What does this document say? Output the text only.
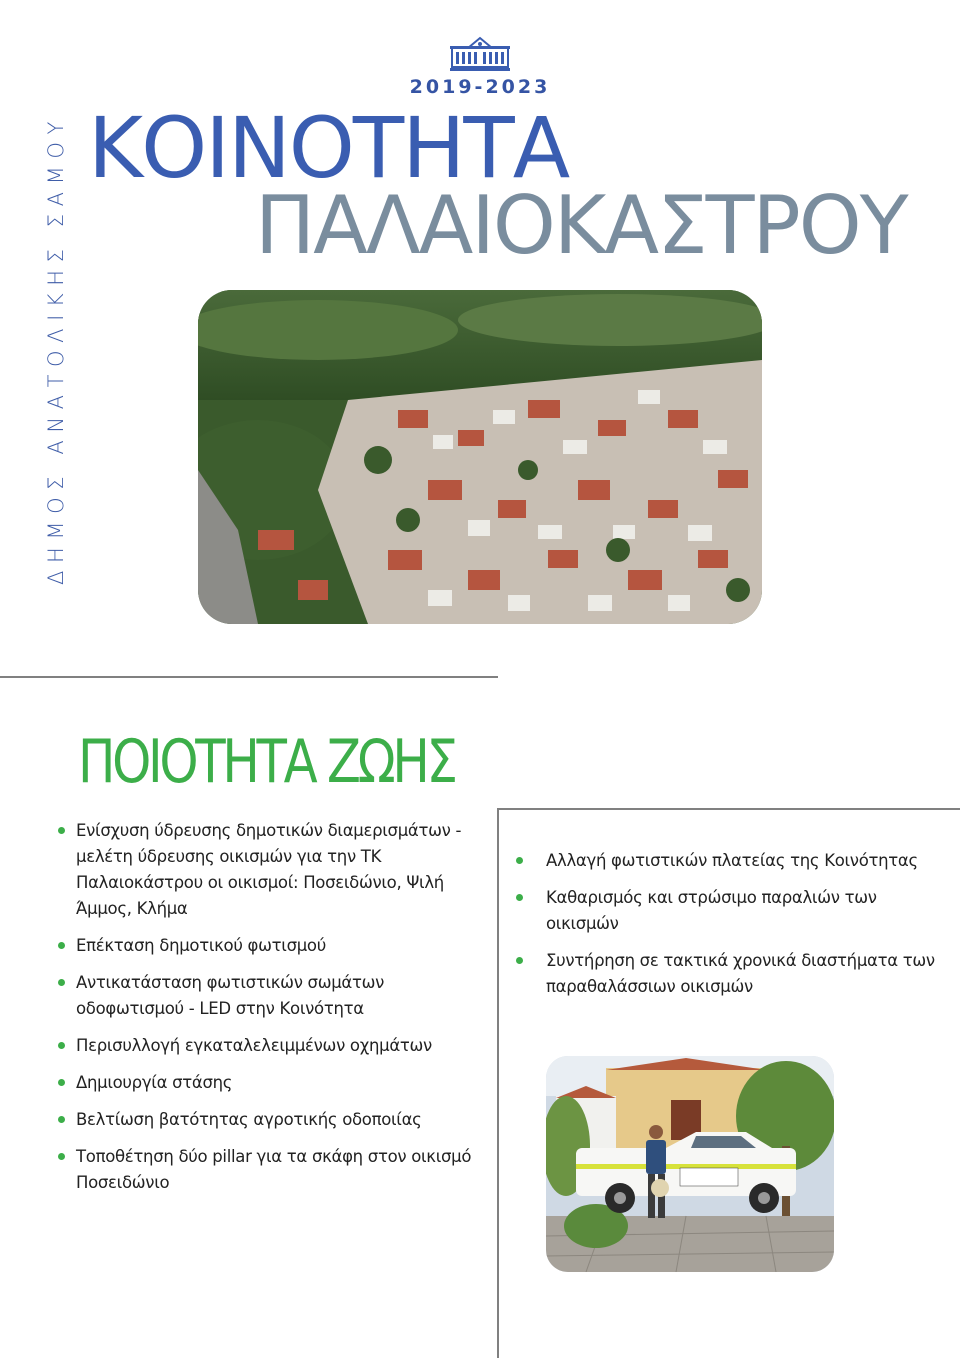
2019-2023
ΔΗΜΟΣ ΑΝΑΤΟΛΙΚΗΣ ΣΑΜΟΥ ΚΟΙΝΟΤΗΤΑ
ΠΑΛΑΙΟΚΑΣΤΡΟΥ
ΠΟΙΟΤΗΤΑ ΖΩΗΣ
Ενίσχυση ύδρευσης δημοτικών διαμερισμάτων - μελέτη ύδρευσης οικισμών για την ΤΚ Παλαιοκάστρου οι οικισμοί: Ποσειδώνιο, Ψιλή Άμμος, Κλήμα
Επέκταση δημοτικού φωτισμού
Αντικατάσταση φωτιστικών σωμάτων οδοφωτισμού - LED στην Κοινότητα
Περισυλλογή εγκαταλελειμμένων οχημάτων
Δημιουργία στάσης
Βελτίωση βατότητας αγροτικής οδοποιίας
Τοποθέτηση δύο pillar για τα σκάφη στον οικισμό Ποσειδώνιο
Αλλαγή φωτιστικών πλατείας της Κοινότητας
Καθαρισμός και στρώσιμο παραλιών των οικισμών
Συντήρηση σε τακτικά χρονικά διαστήματα των παραθαλάσσιων οικισμών
